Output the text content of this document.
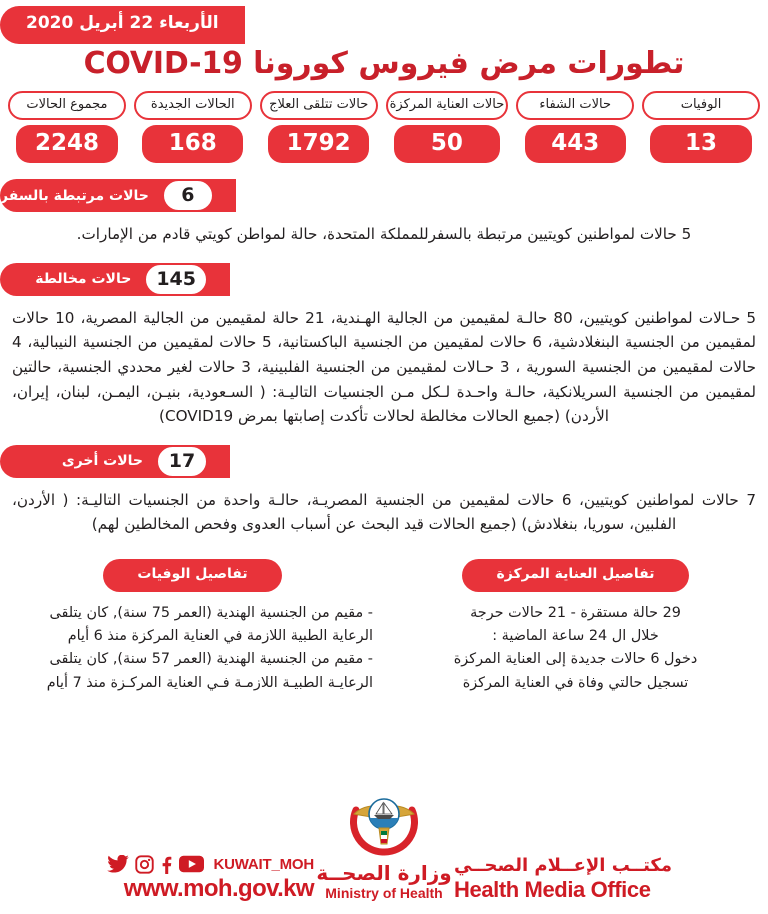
الأربعاء 22 أبريل 2020
تطورات مرض فيروس كورونا COVID-19
الوفيات
13
حالات الشفاء
443
حالات العناية المركزة
50
حالات تتلقى العلاج
1792
الحالات الجديدة
168
مجموع الحالات
2248
6
حالات مرتبطة بالسفر
5 حالات لمواطنين كويتيين مرتبطة بالسفرللمملكة المتحدة، حالة لمواطن كويتي قادم من الإمارات.
145
حالات مخالطة
5 حـالات لمواطنين كويتيين، 80 حالـة لمقيمين من الجالية الهـندية، 21 حالة لمقيمين من الجالية المصرية، 10 حالات لمقيمين من الجنسية البنغلادشية، 6 حالات لمقيمين من الجنسية الباكستانية، 5 حالات لمقيمين من الجنسية النيبالية، 4 حالات لمقيمين من الجنسية السورية ، 3 حـالات لمقيمين من الجنسية الفلبينية، 3 حالات لغير محددي الجنسية، حالتين لمقيمين من الجنسية السريلانكية، حالـة واحـدة لـكل مـن الجنسيات التاليـة: ( السـعودية، بنيـن، اليمـن، لبنان، إيران، الأردن) (جميع الحالات مخالطة لحالات تأكدت إصابتها بمرض COVID19)
17
حالات أخرى
7 حالات لمواطنين كويتيين، 6 حالات لمقيمين من الجنسية المصريـة، حالـة واحدة من الجنسيات التاليـة: ( الأردن، الفلبين، سوريا، بنغلادش) (جميع الحالات قيد البحث عن أسباب العدوى وفحص المخالطين لهم)
تفاصيل العناية المركزة
29 حالة مستقرة - 21 حالات حرجة
خلال ال 24 ساعة الماضية :
دخول 6 حالات جديدة إلى العناية المركزة
تسجيل حالتي وفاة في العناية المركزة
تفاصيل الوفيات
- مقيم من الجنسية الهندية (العمر 75 سنة), كان يتلقى الرعاية الطبية اللازمة في العناية المركزة منذ 6 أيام
- مقيم من الجنسية الهندية (العمر 57 سنة), كان يتلقى الرعايـة الطبيـة اللازمـة فـي العناية المركـزة منذ 7 أيام
مكتــب الإعــلام الصحــي
Health Media Office
وزارة الصحــة
Ministry of Health
KUWAIT_MOH
www.moh.gov.kw
